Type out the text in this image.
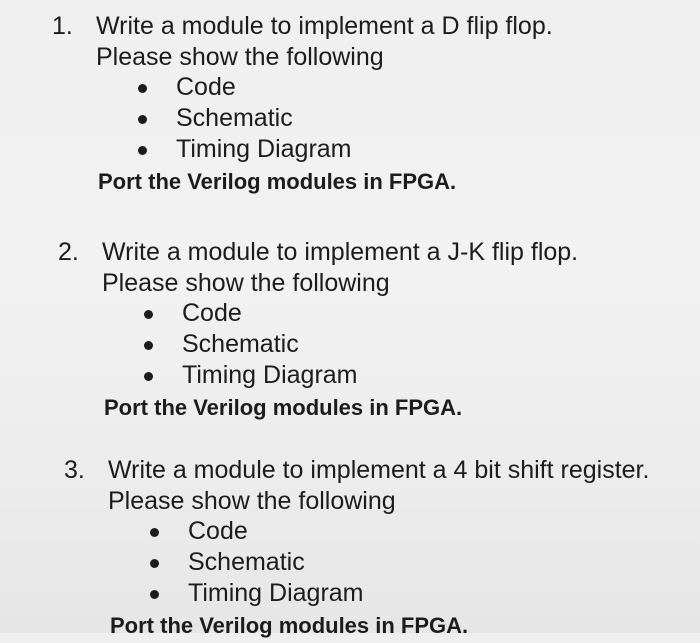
1. Write a module to implement a D flip flop.
Please show the following
Code
Schematic
Timing Diagram
Port the Verilog modules in FPGA.
2. Write a module to implement a J-K flip flop.
Please show the following
Code
Schematic
Timing Diagram
Port the Verilog modules in FPGA.
3. Write a module to implement a 4 bit shift register.
Please show the following
Code
Schematic
Timing Diagram
Port the Verilog modules in FPGA.
